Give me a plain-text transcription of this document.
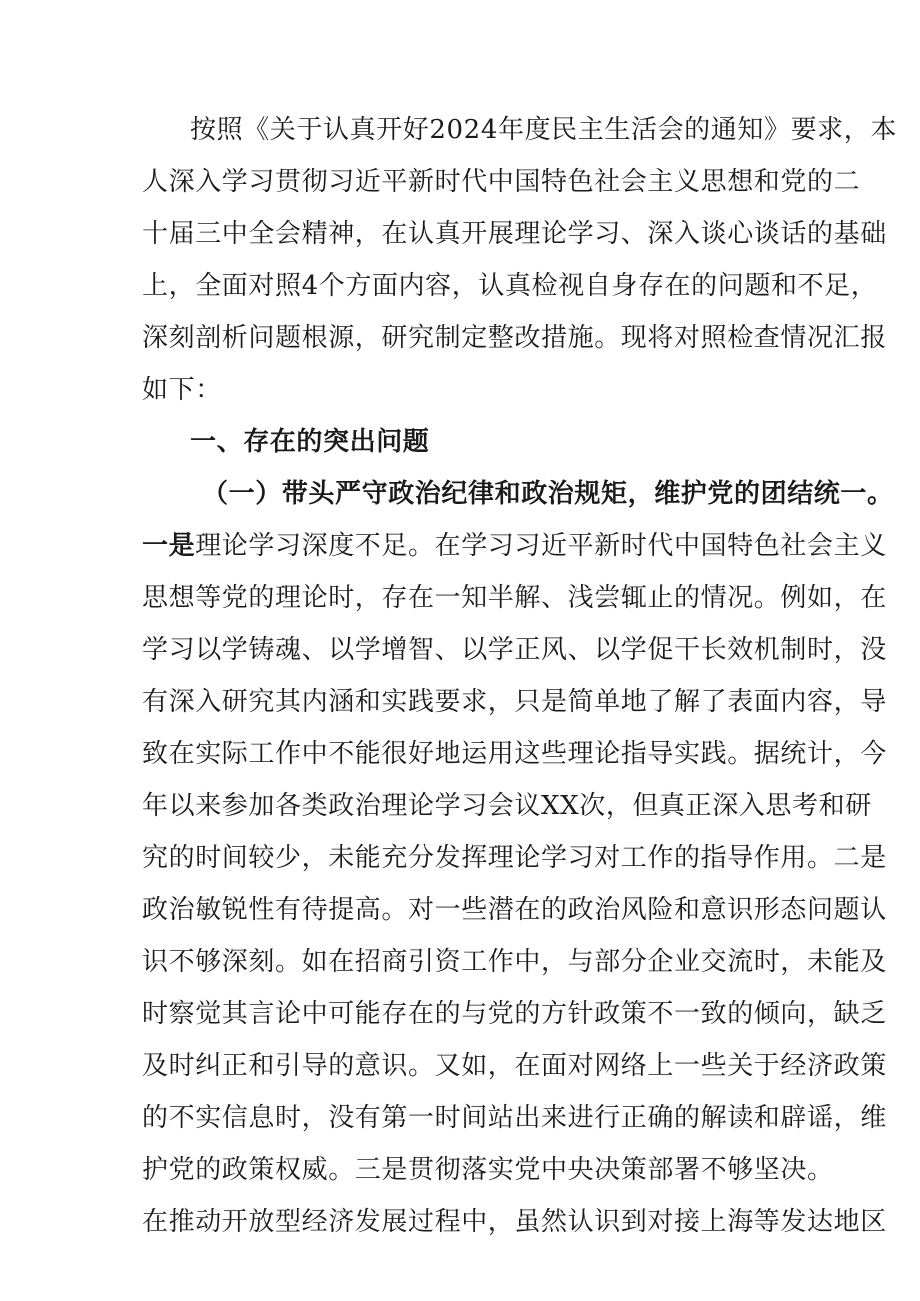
按照《关于认真开好2024年度民主生活会的通知》要求，本
人深入学习贯彻习近平新时代中国特色社会主义思想和党的二
十届三中全会精神，在认真开展理论学习、深入谈心谈话的基础
上，全面对照4个方面内容，认真检视自身存在的问题和不足，
深刻剖析问题根源，研究制定整改措施。现将对照检查情况汇报
如下：
一、存在的突出问题
（一）带头严守政治纪律和政治规矩，维护党的团结统一。
一是理论学习深度不足。在学习习近平新时代中国特色社会主义
思想等党的理论时，存在一知半解、浅尝辄止的情况。例如，在
学习以学铸魂、以学增智、以学正风、以学促干长效机制时，没
有深入研究其内涵和实践要求，只是简单地了解了表面内容，导
致在实际工作中不能很好地运用这些理论指导实践。据统计，今
年以来参加各类政治理论学习会议XX次，但真正深入思考和研
究的时间较少，未能充分发挥理论学习对工作的指导作用。二是
政治敏锐性有待提高。对一些潜在的政治风险和意识形态问题认
识不够深刻。如在招商引资工作中，与部分企业交流时，未能及
时察觉其言论中可能存在的与党的方针政策不一致的倾向，缺乏
及时纠正和引导的意识。又如，在面对网络上一些关于经济政策
的不实信息时，没有第一时间站出来进行正确的解读和辟谣，维
护党的政策权威。三是贯彻落实党中央决策部署不够坚决。
在推动开放型经济发展过程中，虽然认识到对接上海等发达地区
